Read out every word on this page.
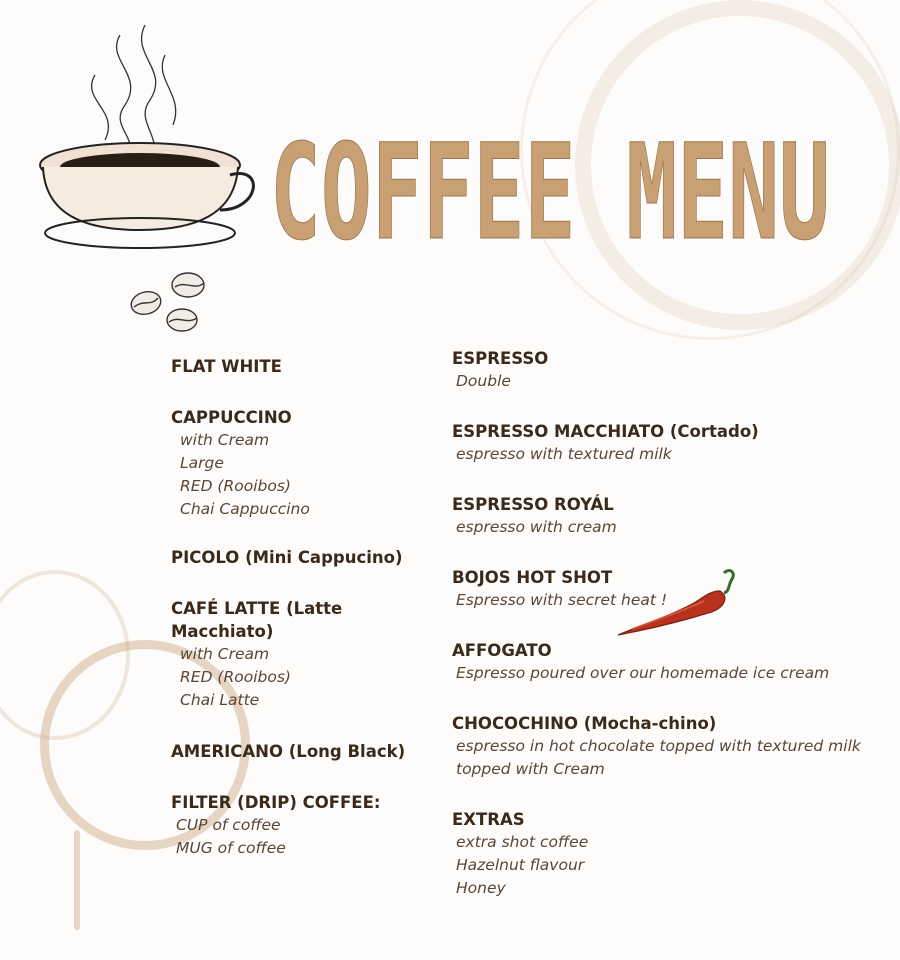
COFFEE MENU
FLAT WHITE
CAPPUCCINO
with Cream
Large
RED (Rooibos)
Chai Cappuccino
PICOLO (Mini Cappucino)
CAFÉ LATTE (Latte Macchiato)
with Cream
RED (Rooibos)
Chai Latte
AMERICANO (Long Black)
FILTER (DRIP) COFFEE:
CUP of coffee
MUG of coffee
ESPRESSO
Double
ESPRESSO MACCHIATO (Cortado)
espresso with textured milk
ESPRESSO ROYÁL
espresso with cream
BOJOS HOT SHOT
Espresso with secret heat !
AFFOGATO
Espresso poured over our homemade ice cream
CHOCOCHINO (Mocha-chino)
espresso in hot chocolate topped with textured milk
topped with Cream
EXTRAS
extra shot coffee
Hazelnut flavour
Honey
